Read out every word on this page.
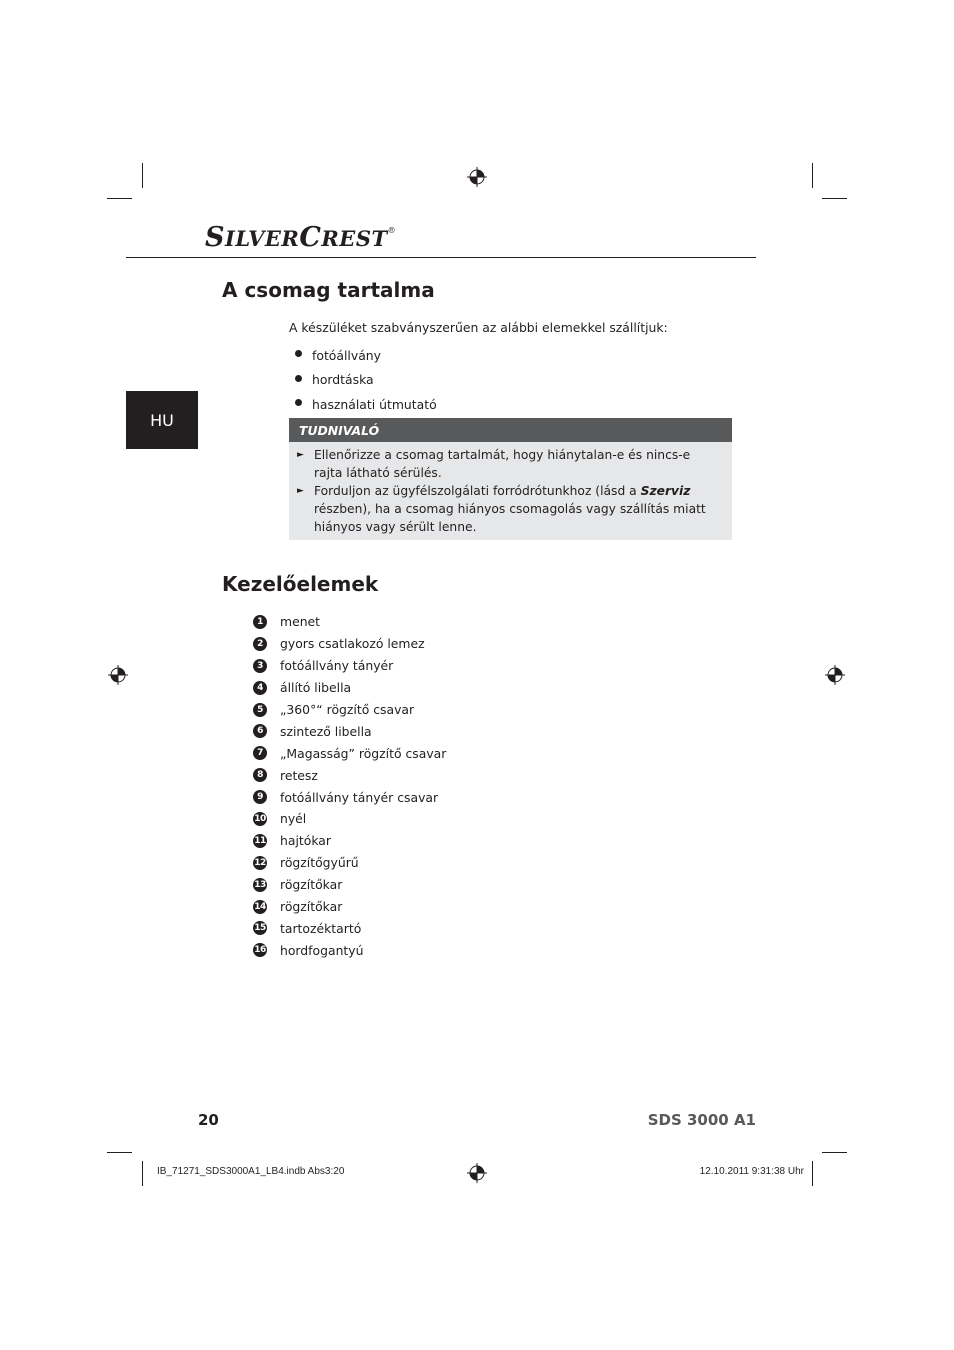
SILVERCREST®
HU
A csomag tartalma
A készüléket szabványszerűen az alábbi elemekkel szállítjuk:
fotóállvány
hordtáska
használati útmutató
TUDNIVALÓ
► Ellenőrizze a csomag tartalmát, hogy hiánytalan-e és nincs-e rajta látható sérülés.
► Forduljon az ügyfélszolgálati forródrótunkhoz (lásd a Szerviz részben), ha a csomag hiányos csomagolás vagy szállítás miatt hiányos vagy sérült lenne.
Kezelőelemek
1	menet
2	gyors csatlakozó lemez
3	fotóállvány tányér
4	állító libella
5	„360°“ rögzítő csavar
6	szintező libella
7	„Magasság” rögzítő csavar
8	retesz
9	fotóállvány tányér csavar
10 nyél
11 hajtókar
12 rögzítőgyűrű
13 rögzítőkar
14 rögzítőkar
15 tartozéktartó
16 hordfogantyú
20	SDS 3000 A1
IB_71271_SDS3000A1_LB4.indb Abs3:20	12.10.2011 9:31:38 Uhr
